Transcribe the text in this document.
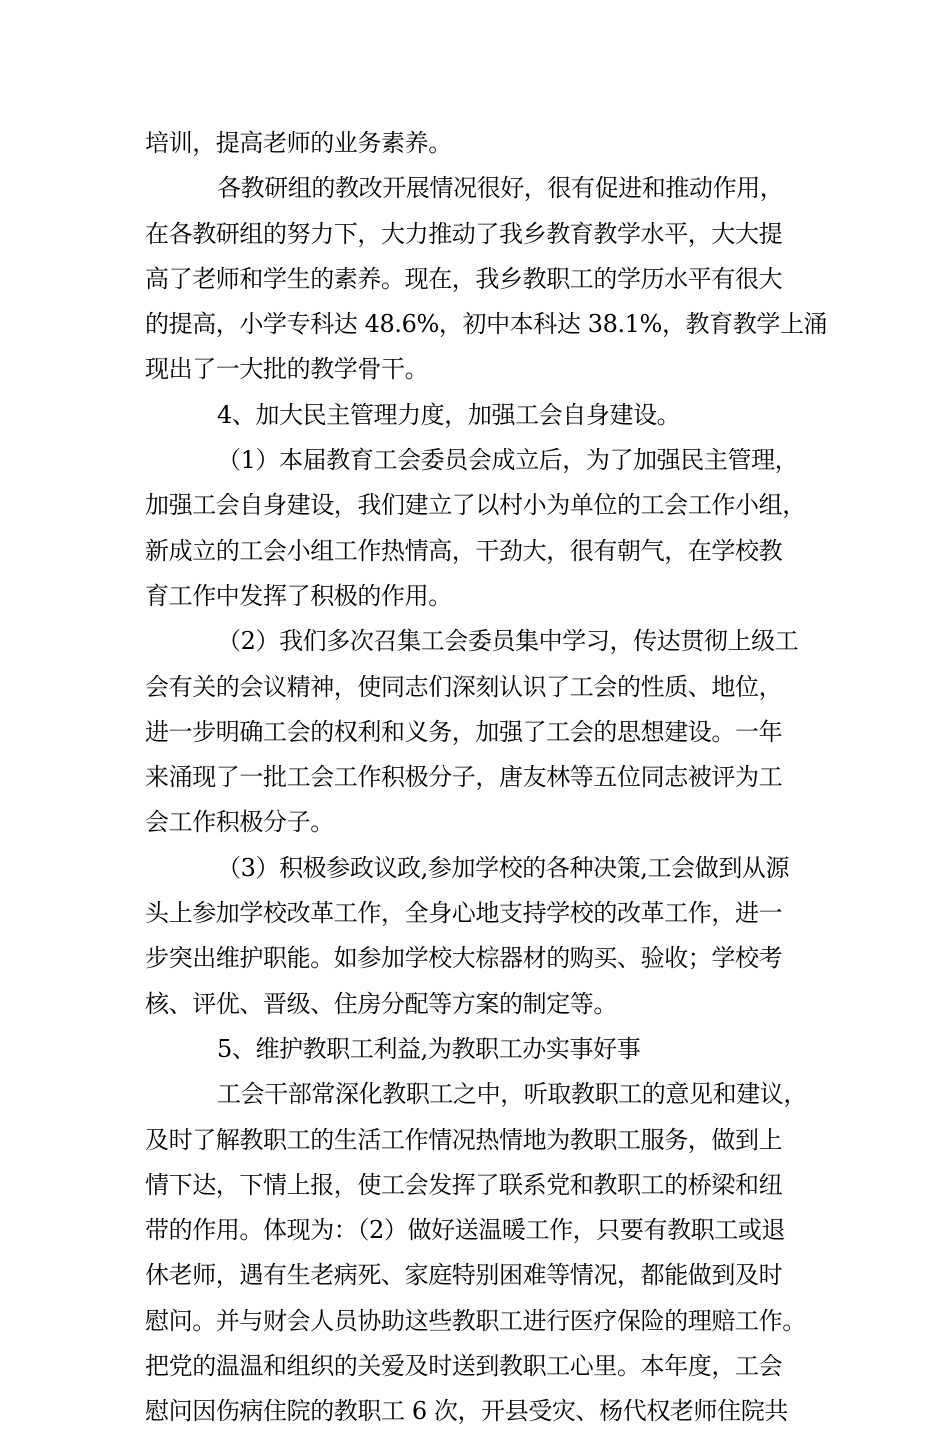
培训，提高老师的业务素养。
各教研组的教改开展情况很好，很有促进和推动作用，
在各教研组的努力下，大力推动了我乡教育教学水平，大大提
高了老师和学生的素养。现在，我乡教职工的学历水平有很大
的提高，小学专科达 48.6%，初中本科达 38.1%，教育教学上涌
现出了一大批的教学骨干。
4、加大民主管理力度，加强工会自身建设。
（1）本届教育工会委员会成立后，为了加强民主管理，
加强工会自身建设，我们建立了以村小为单位的工会工作小组，
新成立的工会小组工作热情高，干劲大，很有朝气，在学校教
育工作中发挥了积极的作用。
（2）我们多次召集工会委员集中学习，传达贯彻上级工
会有关的会议精神，使同志们深刻认识了工会的性质、地位，
进一步明确工会的权利和义务，加强了工会的思想建设。一年
来涌现了一批工会工作积极分子，唐友林等五位同志被评为工
会工作积极分子。
（3）积极参政议政,参加学校的各种决策,工会做到从源
头上参加学校改革工作，全身心地支持学校的改革工作，进一
步突出维护职能。如参加学校大棕器材的购买、验收；学校考
核、评优、晋级、住房分配等方案的制定等。
5、维护教职工利益,为教职工办实事好事
工会干部常深化教职工之中，听取教职工的意见和建议，
及时了解教职工的生活工作情况热情地为教职工服务，做到上
情下达，下情上报，使工会发挥了联系党和教职工的桥梁和纽
带的作用。体现为：（2）做好送温暖工作，只要有教职工或退
休老师，遇有生老病死、家庭特别困难等情况，都能做到及时
慰问。并与财会人员协助这些教职工进行医疗保险的理赔工作。
把党的温温和组织的关爱及时送到教职工心里。本年度，工会
慰问因伤病住院的教职工 6 次，开县受灾、杨代权老师住院共
